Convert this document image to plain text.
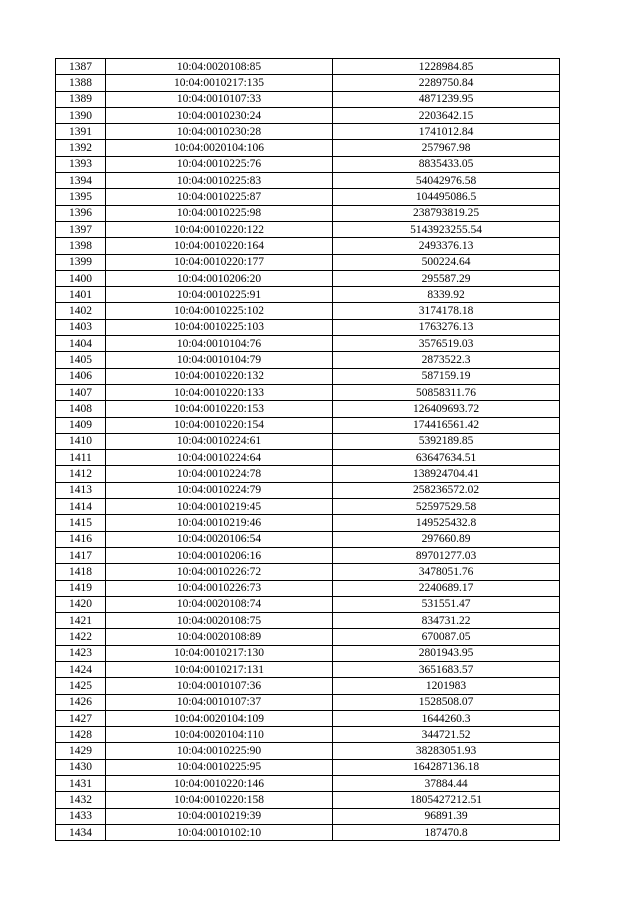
1387	10:04:0020108:85	1228984.85
1388	10:04:0010217:135	2289750.84
1389	10:04:0010107:33	4871239.95
1390	10:04:0010230:24	2203642.15
1391	10:04:0010230:28	1741012.84
1392	10:04:0020104:106	257967.98
1393	10:04:0010225:76	8835433.05
1394	10:04:0010225:83	54042976.58
1395	10:04:0010225:87	104495086.5
1396	10:04:0010225:98	238793819.25
1397	10:04:0010220:122	5143923255.54
1398	10:04:0010220:164	2493376.13
1399	10:04:0010220:177	500224.64
1400	10:04:0010206:20	295587.29
1401	10:04:0010225:91	8339.92
1402	10:04:0010225:102	3174178.18
1403	10:04:0010225:103	1763276.13
1404	10:04:0010104:76	3576519.03
1405	10:04:0010104:79	2873522.3
1406	10:04:0010220:132	587159.19
1407	10:04:0010220:133	50858311.76
1408	10:04:0010220:153	126409693.72
1409	10:04:0010220:154	174416561.42
1410	10:04:0010224:61	5392189.85
1411	10:04:0010224:64	63647634.51
1412	10:04:0010224:78	138924704.41
1413	10:04:0010224:79	258236572.02
1414	10:04:0010219:45	52597529.58
1415	10:04:0010219:46	149525432.8
1416	10:04:0020106:54	297660.89
1417	10:04:0010206:16	89701277.03
1418	10:04:0010226:72	3478051.76
1419	10:04:0010226:73	2240689.17
1420	10:04:0020108:74	531551.47
1421	10:04:0020108:75	834731.22
1422	10:04:0020108:89	670087.05
1423	10:04:0010217:130	2801943.95
1424	10:04:0010217:131	3651683.57
1425	10:04:0010107:36	1201983
1426	10:04:0010107:37	1528508.07
1427	10:04:0020104:109	1644260.3
1428	10:04:0020104:110	344721.52
1429	10:04:0010225:90	38283051.93
1430	10:04:0010225:95	164287136.18
1431	10:04:0010220:146	37884.44
1432	10:04:0010220:158	1805427212.51
1433	10:04:0010219:39	96891.39
1434	10:04:0010102:10	187470.8
